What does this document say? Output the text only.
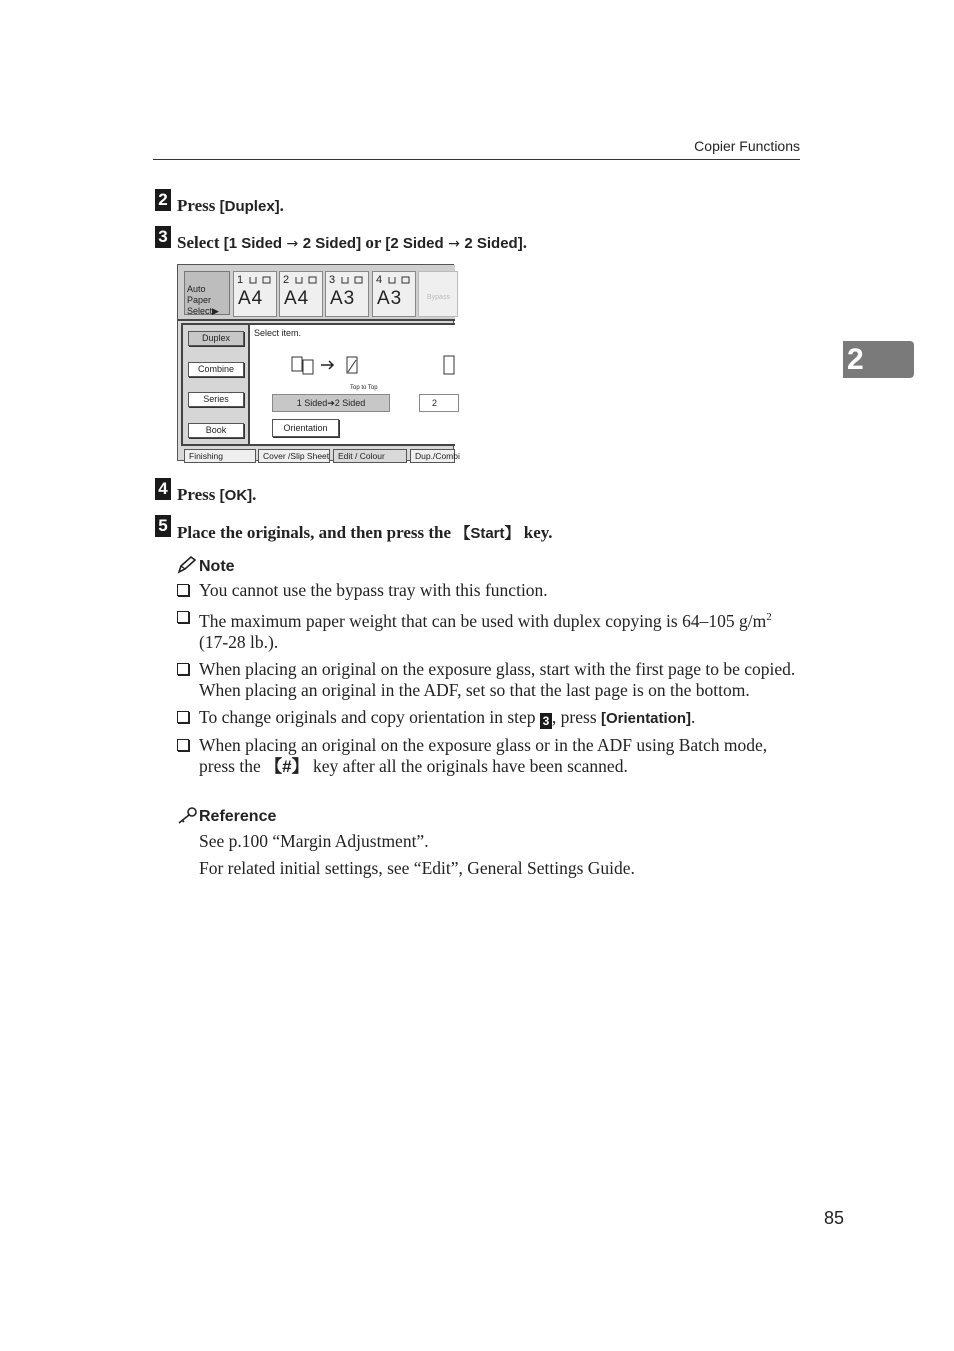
Copier Functions
2
2 Press [Duplex].
3 Select [1 Sided → 2 Sided] or [2 Sided → 2 Sided].
Auto Paper
Select▶
1
A4
2
A4
3
A3
4
A3	Bypass
Duplex
Combine
Series
Book
Select item.
Top to Top
1 Sided➔2 Sided	2
Orientation
Finishing	Cover /Slip Sheet	Edit / Colour	Dup./Combi
4 Press [OK].
5 Place the originals, and then press the 【Start】 key.
Note
You cannot use the bypass tray with this function.
The maximum paper weight that can be used with duplex copying is 64–105 $g/m^2$ (17-28 lb.).
When placing an original on the exposure glass, start with the first page to be copied. When placing an original in the ADF, set so that the last page is on the bottom.
To change originals and copy orientation in step 3 , press [Orientation].
When placing an original on the exposure glass or in the ADF using Batch mode, press the 【#】 key after all the originals have been scanned.
Reference
See p.100 “Margin Adjustment”.
For related initial settings, see “Edit”, General Settings Guide.
85
